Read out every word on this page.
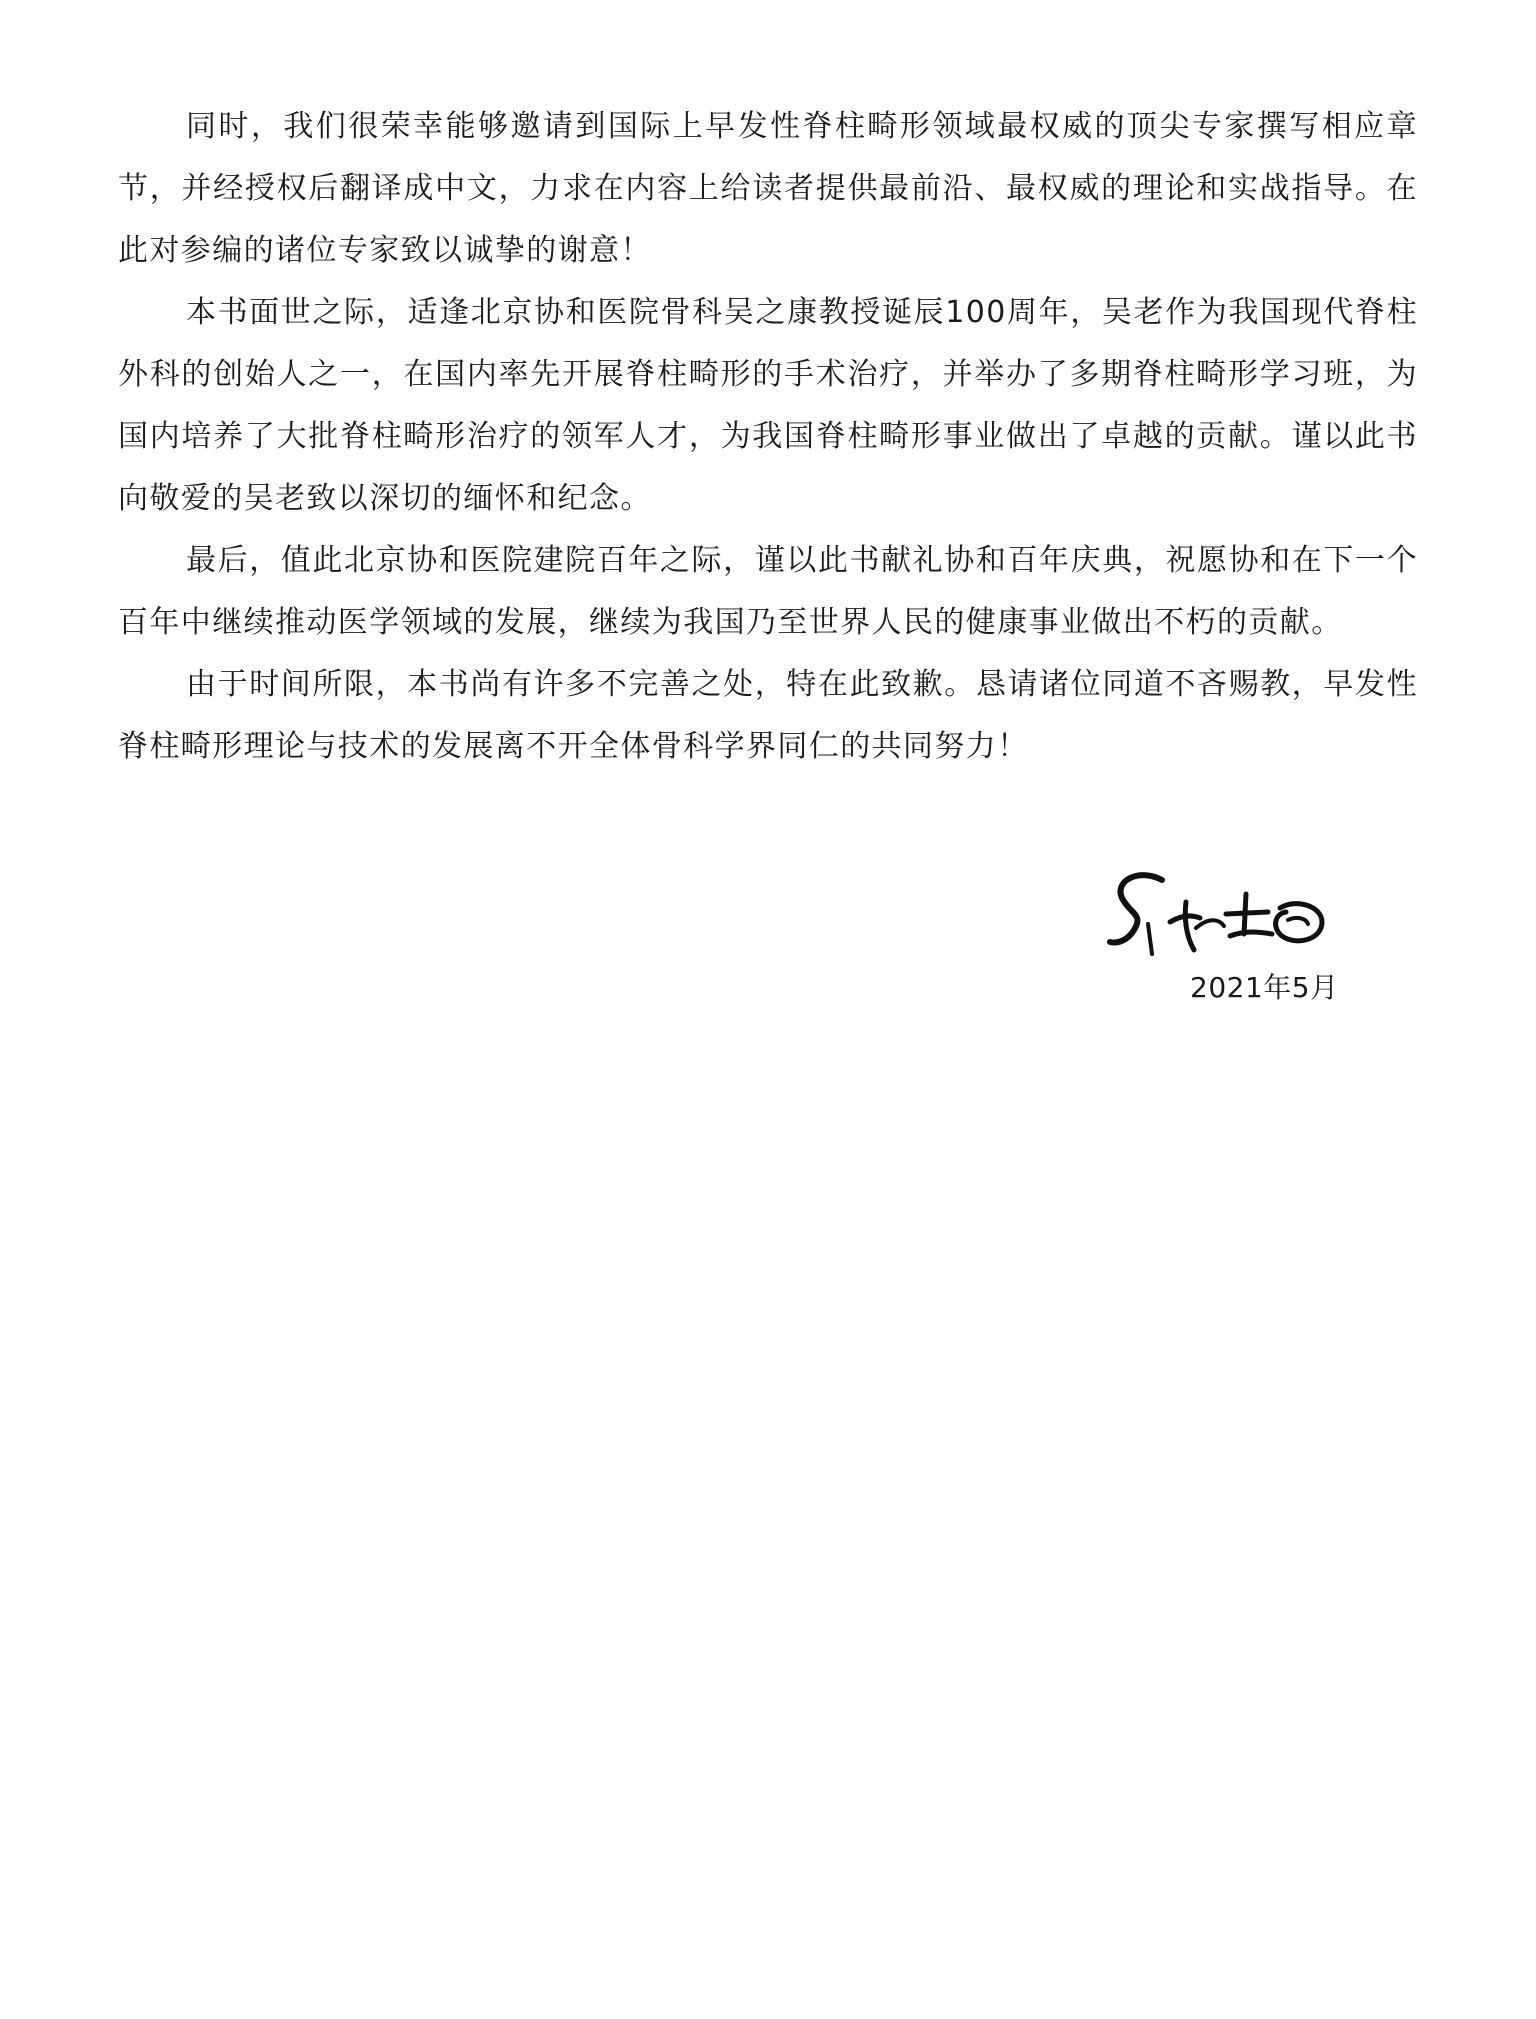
同时，我们很荣幸能够邀请到国际上早发性脊柱畸形领域最权威的顶尖专家撰写相应章节，并经授权后翻译成中文，力求在内容上给读者提供最前沿、最权威的理论和实战指导。在此对参编的诸位专家致以诚挚的谢意！

本书面世之际，适逢北京协和医院骨科吴之康教授诞辰100周年，吴老作为我国现代脊柱外科的创始人之一，在国内率先开展脊柱畸形的手术治疗，并举办了多期脊柱畸形学习班，为国内培养了大批脊柱畸形治疗的领军人才，为我国脊柱畸形事业做出了卓越的贡献。谨以此书向敬爱的吴老致以深切的缅怀和纪念。

最后，值此北京协和医院建院百年之际，谨以此书献礼协和百年庆典，祝愿协和在下一个百年中继续推动医学领域的发展，继续为我国乃至世界人民的健康事业做出不朽的贡献。

由于时间所限，本书尚有许多不完善之处，特在此致歉。恳请诸位同道不吝赐教，早发性脊柱畸形理论与技术的发展离不开全体骨科学界同仁的共同努力！

2021年5月
